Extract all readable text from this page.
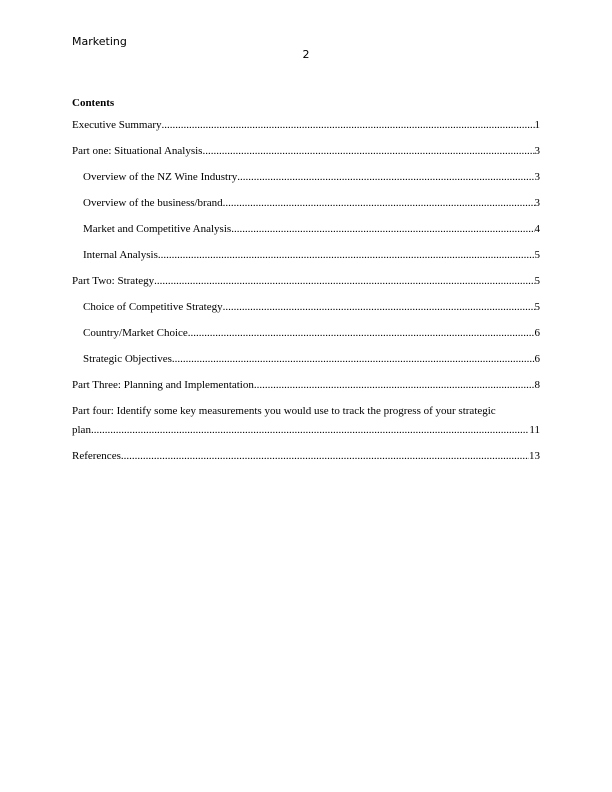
Marketing
2
Contents
Executive Summary .....	1
Part one: Situational Analysis .....	3
Overview of the NZ Wine Industry .....	3
Overview of the business/brand .....	3
Market and Competitive Analysis .....	4
Internal Analysis .....	5
Part Two: Strategy .....	5
Choice of Competitive Strategy .....	5
Country/Market Choice .....	6
Strategic Objectives .....	6
Part Three: Planning and Implementation .....	8
Part four: Identify some key measurements you would use to track the progress of your strategic
plan .....	11
References .....	13
